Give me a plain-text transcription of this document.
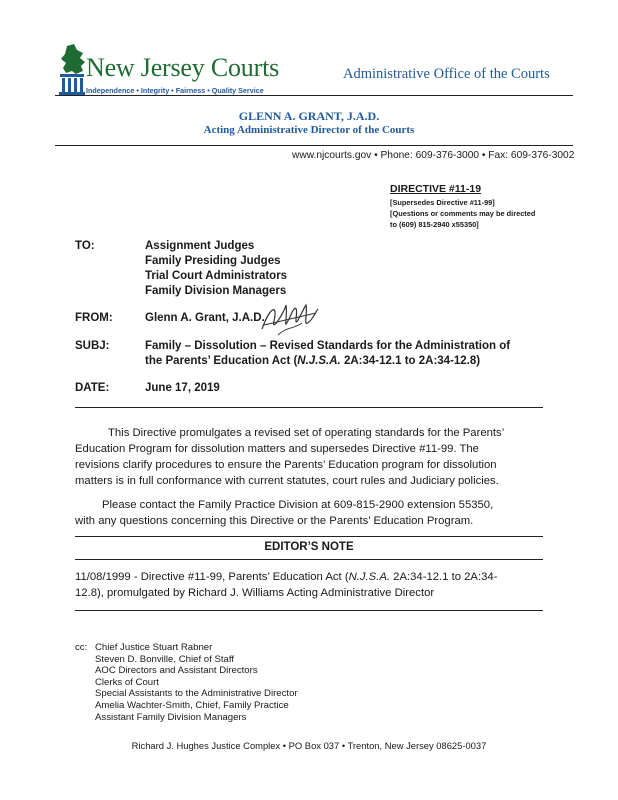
New Jersey Courts
Independence • Integrity • Fairness • Quality Service
Administrative Office of the Courts
GLENN A. GRANT, J.A.D.
Acting Administrative Director of the Courts
www.njcourts.gov • Phone: 609-376-3000 • Fax: 609-376-3002
DIRECTIVE #11-19
[Supersedes Directive #11-99]
[Questions or comments may be directed
to (609) 815-2940 x55350]
TO:	Assignment Judges
Family Presiding Judges
Trial Court Administrators
Family Division Managers
FROM:	Glenn A. Grant, J.A.D.
SUBJ:	Family – Dissolution – Revised Standards for the Administration of
the Parents’ Education Act (N.J.S.A. 2A:34-12.1 to 2A:34-12.8)
DATE:	June 17, 2019

This Directive promulgates a revised set of operating standards for the Parents’

Education Program for dissolution matters and supersedes Directive #11-99. The

revisions clarify procedures to ensure the Parents’ Education program for dissolution

matters is in full conformance with current statutes, court rules and Judiciary policies.

Please contact the Family Practice Division at 609-815-2900 extension 55350,

with any questions concerning this Directive or the Parents’ Education Program.

EDITOR’S NOTE

11/08/1999 - Directive #11-99, Parents’ Education Act (N.J.S.A. 2A:34-12.1 to 2A:34-

12.8), promulgated by Richard J. Williams Acting Administrative Director

cc: Chief Justice Stuart Rabner
Steven D. Bonville, Chief of Staff
AOC Directors and Assistant Directors
Clerks of Court
Special Assistants to the Administrative Director
Amelia Wachter-Smith, Chief, Family Practice
Assistant Family Division Managers
Richard J. Hughes Justice Complex • PO Box 037 • Trenton, New Jersey 08625-0037
